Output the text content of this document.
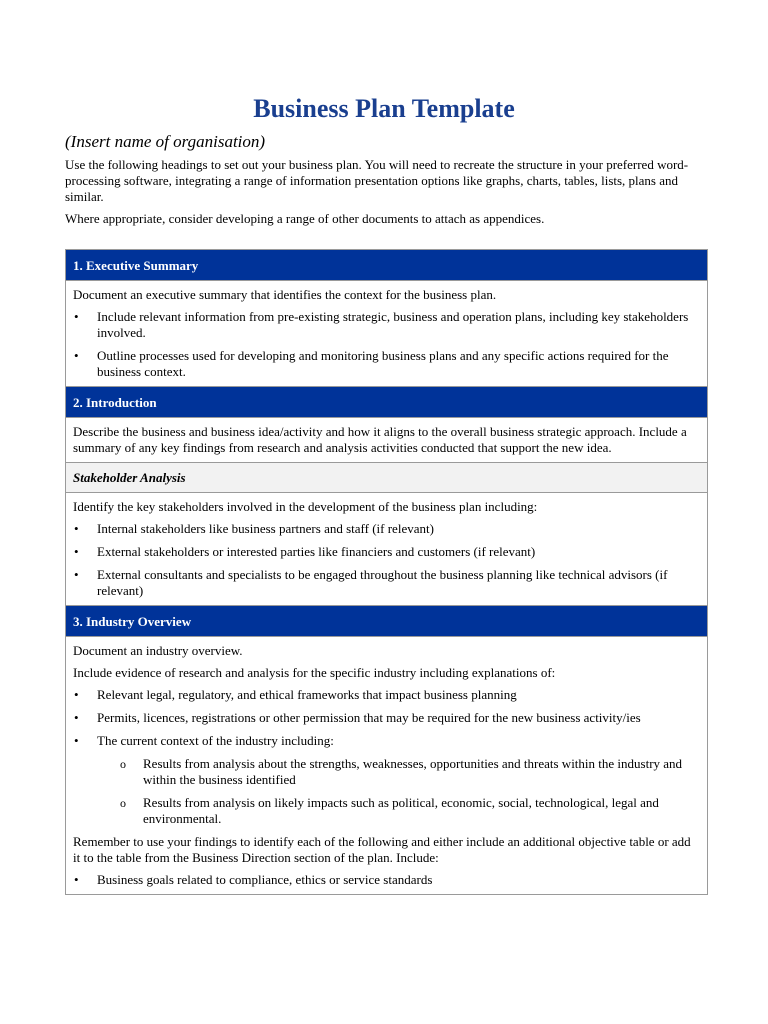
Business Plan Template

(Insert name of organisation)

Use the following headings to set out your business plan. You will need to recreate the structure in your preferred word-processing software, integrating a range of information presentation options like graphs, charts, tables, lists, plans and similar.

Where appropriate, consider developing a range of other documents to attach as appendices.

1. Executive Summary

Document an executive summary that identifies the context for the business plan.

• Include relevant information from pre-existing strategic, business and operation plans, including key stakeholders involved.
• Outline processes used for developing and monitoring business plans and any specific actions required for the business context.
2. Introduction

Describe the business and business idea/activity and how it aligns to the overall business strategic approach. Include a summary of any key findings from research and analysis activities conducted that support the new idea.

Stakeholder Analysis

Identify the key stakeholders involved in the development of the business plan including:

• Internal stakeholders like business partners and staff (if relevant)
• External stakeholders or interested parties like financiers and customers (if relevant)
• External consultants and specialists to be engaged throughout the business planning like technical advisors (if relevant)
3. Industry Overview

Document an industry overview.

Include evidence of research and analysis for the specific industry including explanations of:

• Relevant legal, regulatory, and ethical frameworks that impact business planning
• Permits, licences, registrations or other permission that may be required for the new business activity/ies
• The current context of the industry including:
o Results from analysis about the strengths, weaknesses, opportunities and threats within the industry and within the business identified
o Results from analysis on likely impacts such as political, economic, social, technological, legal and environmental.

Remember to use your findings to identify each of the following and either include an additional objective table or add it to the table from the Business Direction section of the plan. Include:

• Business goals related to compliance, ethics or service standards
